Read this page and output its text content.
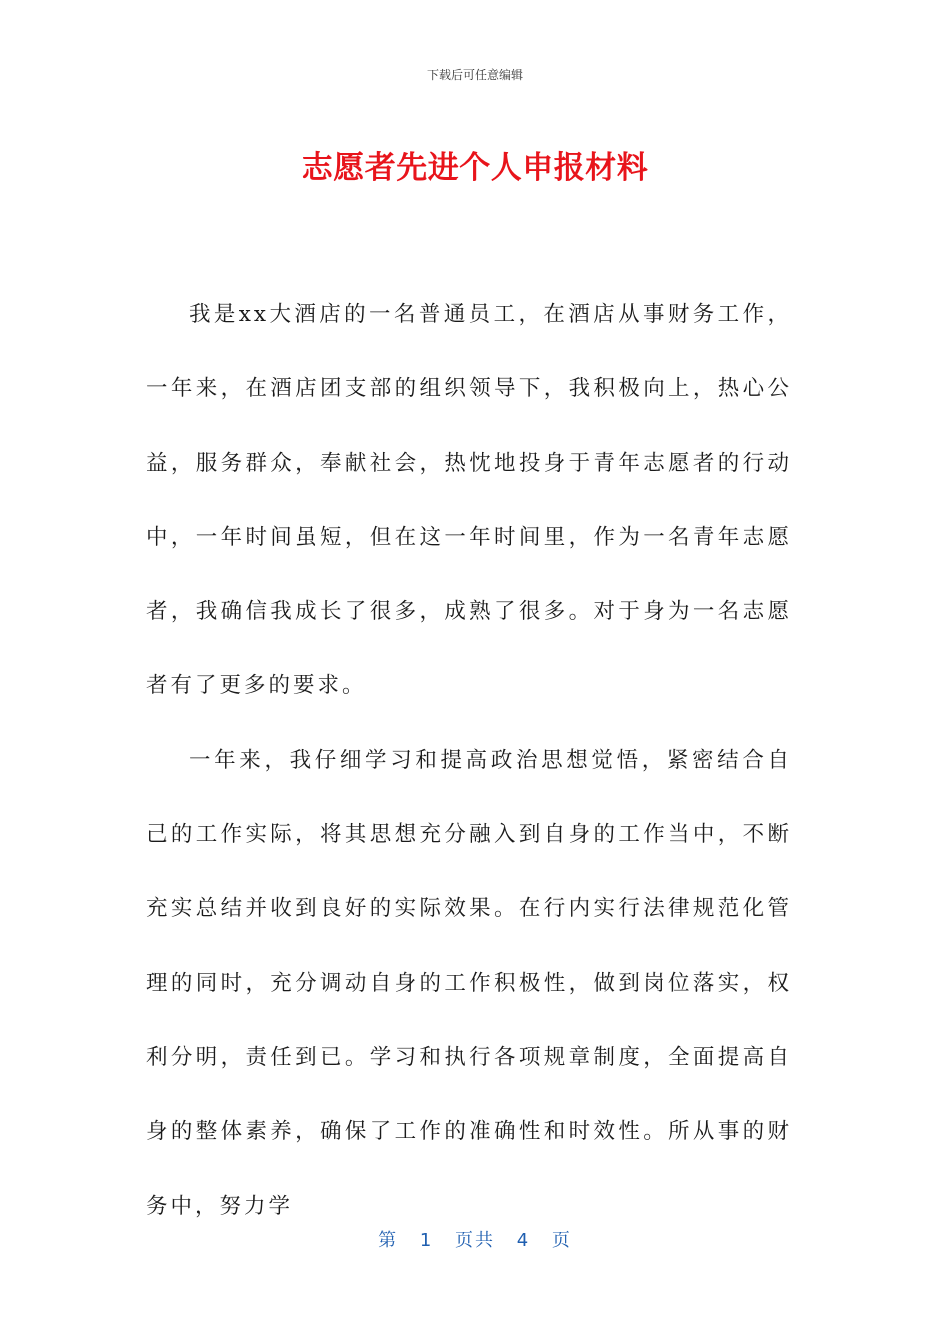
下载后可任意编辑
志愿者先进个人申报材料

我是xx大酒店的一名普通员工，在酒店从事财务工作，一年来，在酒店团支部的组织领导下，我积极向上，热心公益，服务群众，奉献社会，热忱地投身于青年志愿者的行动中，一年时间虽短，但在这一年时间里，作为一名青年志愿者，我确信我成长了很多，成熟了很多。对于身为一名志愿者有了更多的要求。

一年来，我仔细学习和提高政治思想觉悟，紧密结合自己的工作实际，将其思想充分融入到自身的工作当中，不断充实总结并收到良好的实际效果。在行内实行法律规范化管理的同时，充分调动自身的工作积极性，做到岗位落实，权利分明，责任到已。学习和执行各项规章制度，全面提高自身的整体素养，确保了工作的准确性和时效性。所从事的财务中，努力学

第 1 页共 4 页
